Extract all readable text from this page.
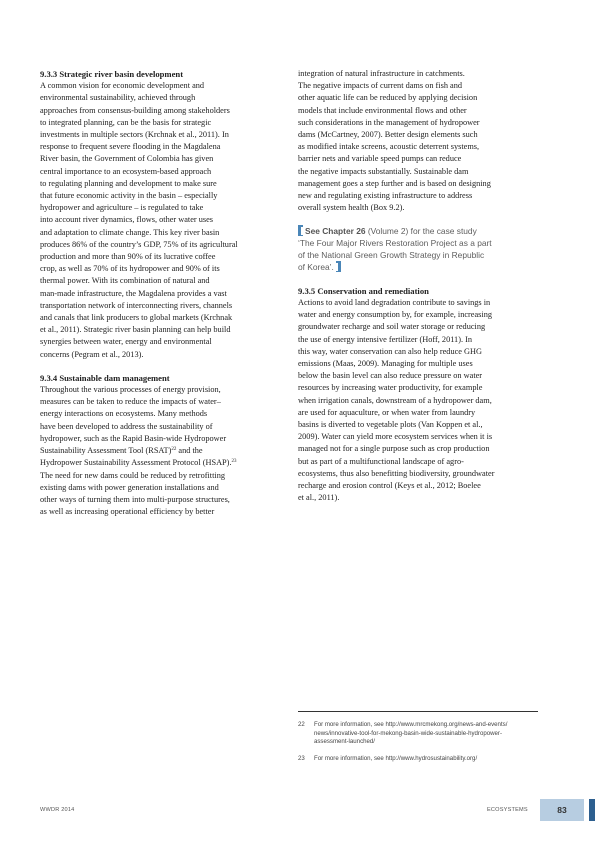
9.3.3 Strategic river basin development
A common vision for economic development and
environmental sustainability, achieved through
approaches from consensus-building among stakeholders
to integrated planning, can be the basis for strategic
investments in multiple sectors (Krchnak et al., 2011). In
response to frequent severe flooding in the Magdalena
River basin, the Government of Colombia has given
central importance to an ecosystem-based approach
to regulating planning and development to make sure
that future economic activity in the basin – especially
hydropower and agriculture – is regulated to take
into account river dynamics, flows, other water uses
and adaptation to climate change. This key river basin
produces 86% of the country’s GDP, 75% of its agricultural
production and more than 90% of its lucrative coffee
crop, as well as 70% of its hydropower and 90% of its
thermal power. With its combination of natural and
man-made infrastructure, the Magdalena provides a vast
transportation network of interconnecting rivers, channels
and canals that link producers to global markets (Krchnak
et al., 2011). Strategic river basin planning can help build
synergies between water, energy and environmental
concerns (Pegram et al., 2013).
9.3.4 Sustainable dam management
Throughout the various processes of energy provision,
measures can be taken to reduce the impacts of water–
energy interactions on ecosystems. Many methods
have been developed to address the sustainability of
hydropower, such as the Rapid Basin-wide Hydropower
Sustainability Assessment Tool (RSAT)$^{22}$ and the
Hydropower Sustainability Assessment Protocol (HSAP).$^{23}$
The need for new dams could be reduced by retrofitting
existing dams with power generation installations and
other ways of turning them into multi-purpose structures,
as well as increasing operational efficiency by better
integration of natural infrastructure in catchments.
The negative impacts of current dams on fish and
other aquatic life can be reduced by applying decision
models that include environmental flows and other
such considerations in the management of hydropower
dams (McCartney, 2007). Better design elements such
as modified intake screens, acoustic deterrent systems,
barrier nets and variable speed pumps can reduce
the negative impacts substantially. Sustainable dam
management goes a step further and is based on designing
new and regulating existing infrastructure to address
overall system health (Box 9.2).
See Chapter 26 (Volume 2) for the case study
‘The Four Major Rivers Restoration Project as a part
of the National Green Growth Strategy in Republic
of Korea’.
9.3.5 Conservation and remediation
Actions to avoid land degradation contribute to savings in
water and energy consumption by, for example, increasing
groundwater recharge and soil water storage or reducing
the use of energy intensive fertilizer (Hoff, 2011). In
this way, water conservation can also help reduce GHG
emissions (Maas, 2009). Managing for multiple uses
below the basin level can also reduce pressure on water
resources by increasing water productivity, for example
when irrigation canals, downstream of a hydropower dam,
are used for aquaculture, or when water from laundry
basins is diverted to vegetable plots (Van Koppen et al.,
2009). Water can yield more ecosystem services when it is
managed not for a single purpose such as crop production
but as part of a multifunctional landscape of agro-
ecosystems, thus also benefitting biodiversity, groundwater
recharge and erosion control (Keys et al., 2012; Boelee
et al., 2011).
22 For more information, see http://www.mrcmekong.org/news-and-events/
news/innovative-tool-for-mekong-basin-wide-sustainable-hydropower-
assessment-launched/
23 For more information, see http://www.hydrosustainability.org/
WWDR 2014	ECOSYSTEMS	83
